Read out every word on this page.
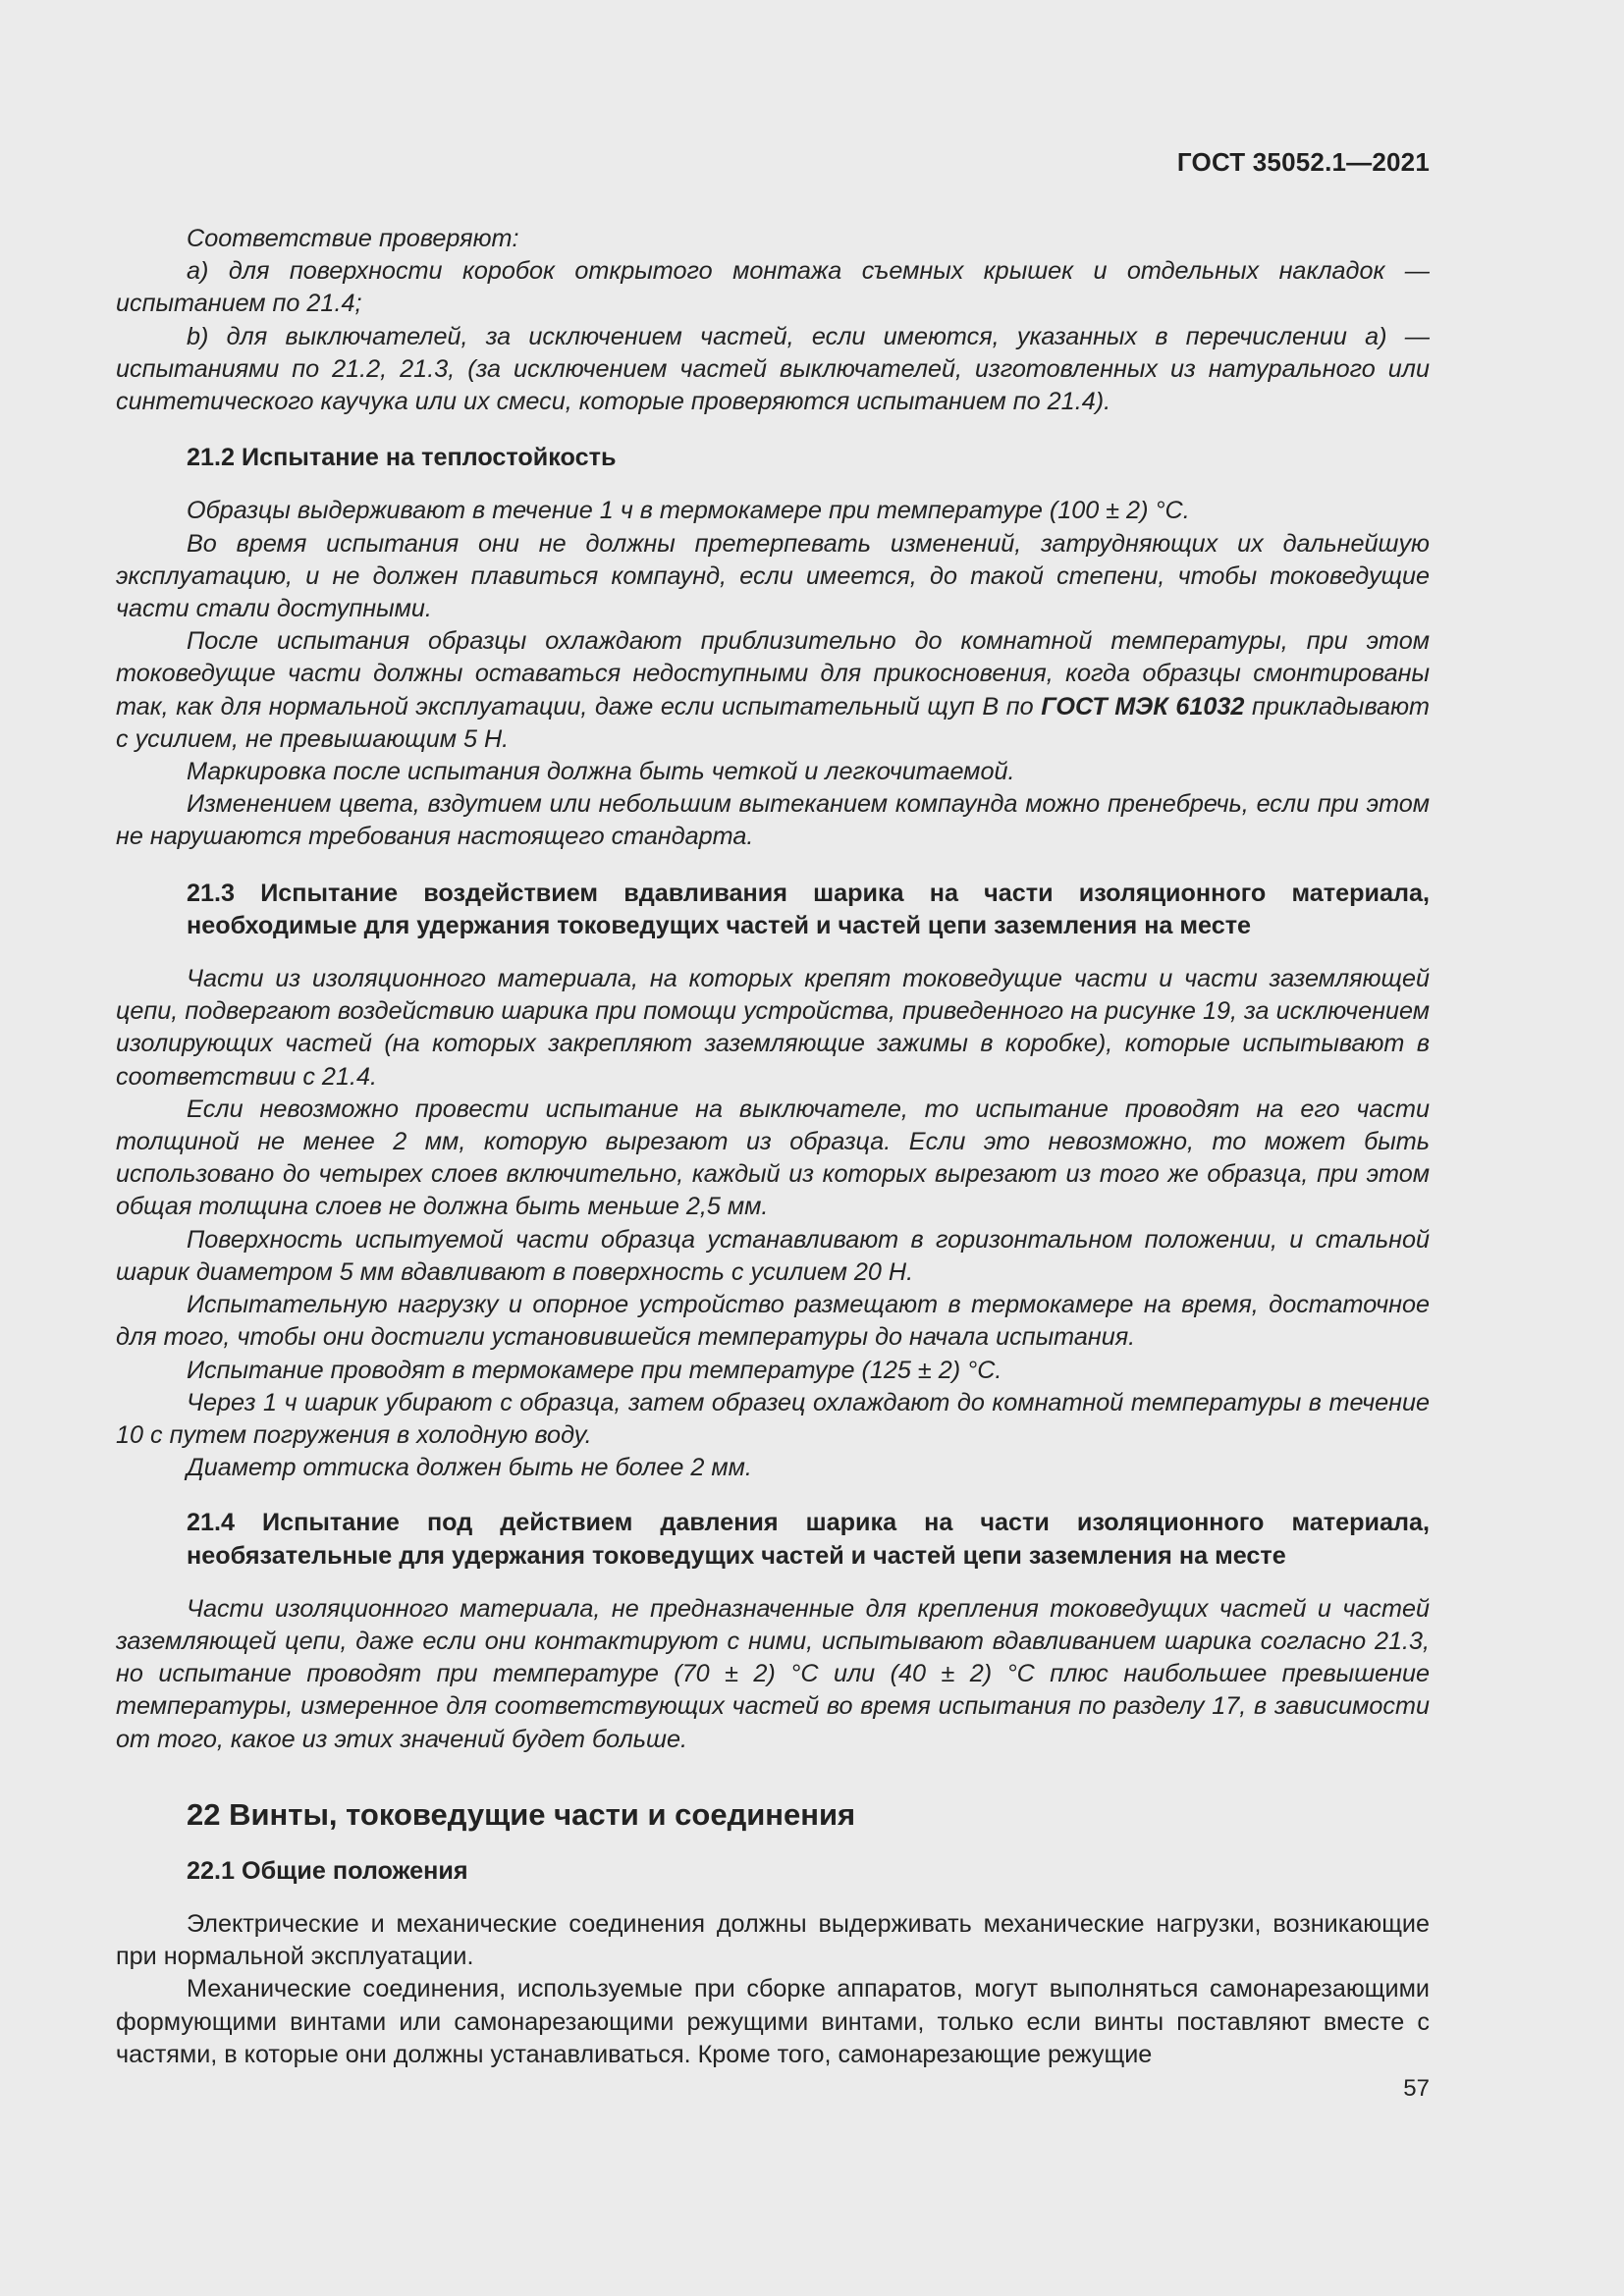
ГОСТ 35052.1—2021

Соответствие проверяют:

a) для поверхности коробок открытого монтажа съемных крышек и отдельных накладок — испытанием по 21.4;

b) для выключателей, за исключением частей, если имеются, указанных в перечислении a) — испытаниями по 21.2, 21.3, (за исключением частей выключателей, изготовленных из натурального или синтетического каучука или их смеси, которые проверяются испытанием по 21.4).

21.2 Испытание на теплостойкость

Образцы выдерживают в течение 1 ч в термокамере при температуре (100 ± 2) °С.

Во время испытания они не должны претерпевать изменений, затрудняющих их дальнейшую эксплуатацию, и не должен плавиться компаунд, если имеется, до такой степени, чтобы токоведущие части стали доступными.

После испытания образцы охлаждают приблизительно до комнатной температуры, при этом токоведущие части должны оставаться недоступными для прикосновения, когда образцы смонтированы так, как для нормальной эксплуатации, даже если испытательный щуп В по ГОСТ МЭК 61032 прикладывают с усилием, не превышающим 5 Н.

Маркировка после испытания должна быть четкой и легкочитаемой.

Изменением цвета, вздутием или небольшим вытеканием компаунда можно пренебречь, если при этом не нарушаются требования настоящего стандарта.

21.3 Испытание воздействием вдавливания шарика на части изоляционного материала, необходимые для удержания токоведущих частей и частей цепи заземления на месте

Части из изоляционного материала, на которых крепят токоведущие части и части заземляющей цепи, подвергают воздействию шарика при помощи устройства, приведенного на рисунке 19, за исключением изолирующих частей (на которых закрепляют заземляющие зажимы в коробке), которые испытывают в соответствии с 21.4.

Если невозможно провести испытание на выключателе, то испытание проводят на его части толщиной не менее 2 мм, которую вырезают из образца. Если это невозможно, то может быть использовано до четырех слоев включительно, каждый из которых вырезают из того же образца, при этом общая толщина слоев не должна быть меньше 2,5 мм.

Поверхность испытуемой части образца устанавливают в горизонтальном положении, и стальной шарик диаметром 5 мм вдавливают в поверхность с усилием 20 Н.

Испытательную нагрузку и опорное устройство размещают в термокамере на время, достаточное для того, чтобы они достигли установившейся температуры до начала испытания.

Испытание проводят в термокамере при температуре (125 ± 2) °С.

Через 1 ч шарик убирают с образца, затем образец охлаждают до комнатной температуры в течение 10 с путем погружения в холодную воду.

Диаметр оттиска должен быть не более 2 мм.

21.4 Испытание под действием давления шарика на части изоляционного материала, необязательные для удержания токоведущих частей и частей цепи заземления на месте

Части изоляционного материала, не предназначенные для крепления токоведущих частей и частей заземляющей цепи, даже если они контактируют с ними, испытывают вдавливанием шарика согласно 21.3, но испытание проводят при температуре (70 ± 2) °С или (40 ± 2) °С плюс наибольшее превышение температуры, измеренное для соответствующих частей во время испытания по разделу 17, в зависимости от того, какое из этих значений будет больше.

22 Винты, токоведущие части и соединения
22.1 Общие положения

Электрические и механические соединения должны выдерживать механические нагрузки, возникающие при нормальной эксплуатации.

Механические соединения, используемые при сборке аппаратов, могут выполняться самонарезающими формующими винтами или самонарезающими режущими винтами, только если винты поставляют вместе с частями, в которые они должны устанавливаться. Кроме того, самонарезающие режущие

57
